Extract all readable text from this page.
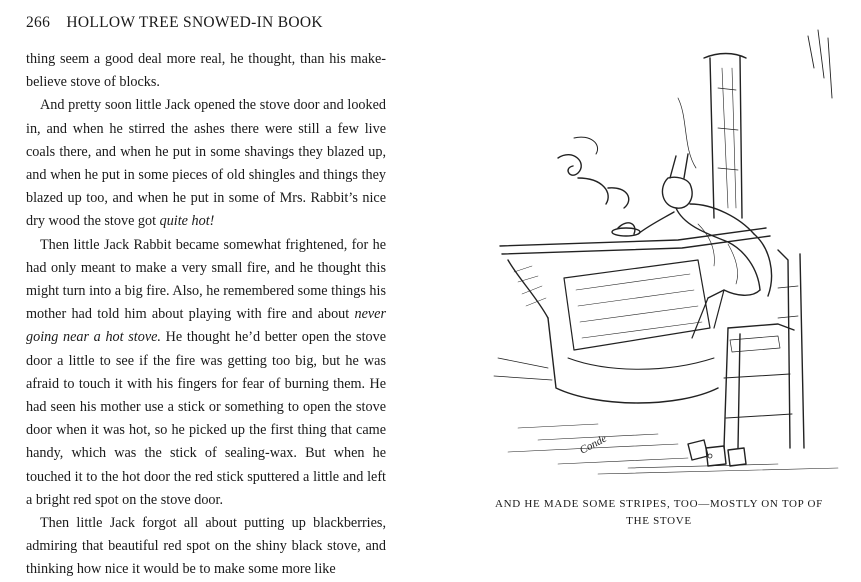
266 HOLLOW TREE SNOWED-IN BOOK

thing seem a good deal more real, he thought, than his make-believe stove of blocks.

And pretty soon little Jack opened the stove door and looked in, and when he stirred the ashes there were still a few live coals there, and when he put in some shavings they blazed up, and when he put in some pieces of old shingles and things they blazed up too, and when he put in some of Mrs. Rabbit’s nice dry wood the stove got quite hot!

Then little Jack Rabbit became somewhat frightened, for he had only meant to make a very small fire, and he thought this might turn into a big fire. Also, he remembered some things his mother had told him about playing with fire and about never going near a hot stove. He thought he’d better open the stove door a little to see if the fire was getting too big, but he was afraid to touch it with his fingers for fear of burning them. He had seen his mother use a stick or something to open the stove door when it was hot, so he picked up the first thing that came handy, which was the stick of sealing-wax. But when he touched it to the hot door the red stick sputtered a little and left a bright red spot on the stove door.

Then little Jack forgot all about putting up blackberries, admiring that beautiful red spot on the shiny black stove, and thinking how nice it would be to make some more like

Conde
AND HE MADE SOME STRIPES, TOO—MOSTLY ON TOP OF
THE STOVE
